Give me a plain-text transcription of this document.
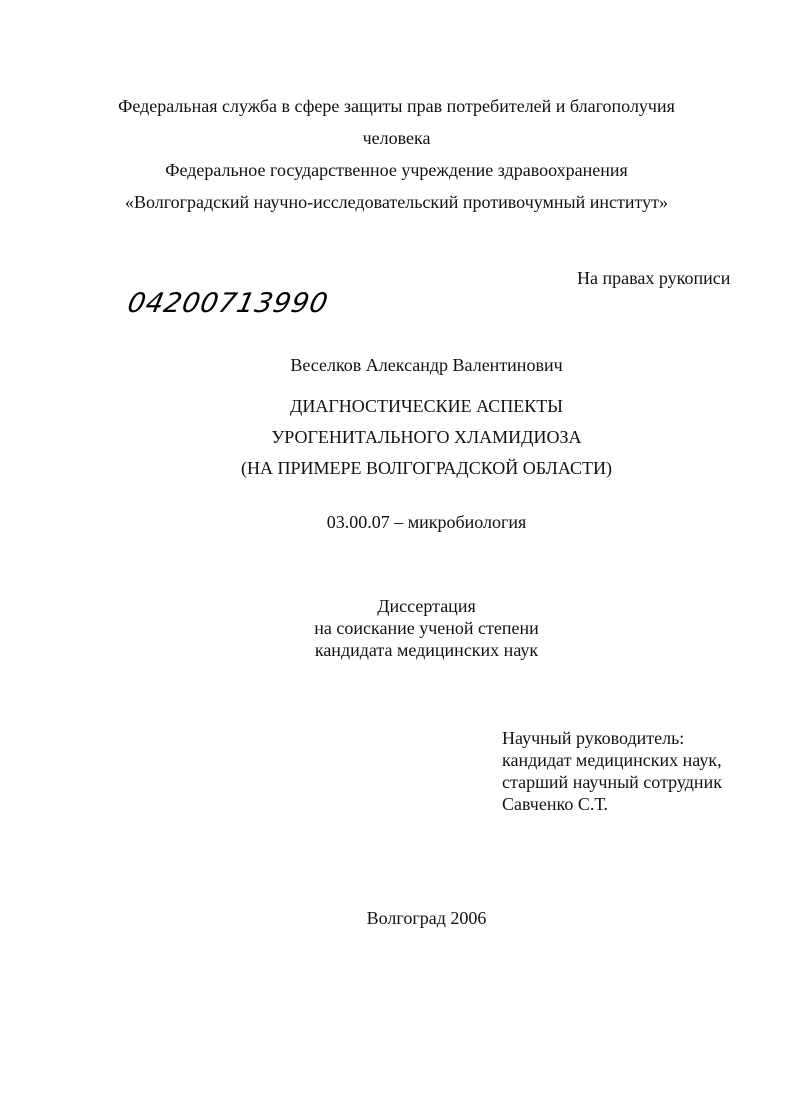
Федеральная служба в сфере защиты прав потребителей и благополучия
человека
Федеральное государственное учреждение здравоохранения
«Волгоградский научно-исследовательский противочумный институт»
На правах рукописи
04200713990
Веселков Александр Валентинович
ДИАГНОСТИЧЕСКИЕ АСПЕКТЫ
УРОГЕНИТАЛЬНОГО ХЛАМИДИОЗА
(НА ПРИМЕРЕ ВОЛГОГРАДСКОЙ ОБЛАСТИ)
03.00.07 – микробиология
Диссертация
на соискание ученой степени
кандидата медицинских наук
Научный руководитель:
кандидат медицинских наук,
старший научный сотрудник
Савченко С.Т.
Волгоград 2006
